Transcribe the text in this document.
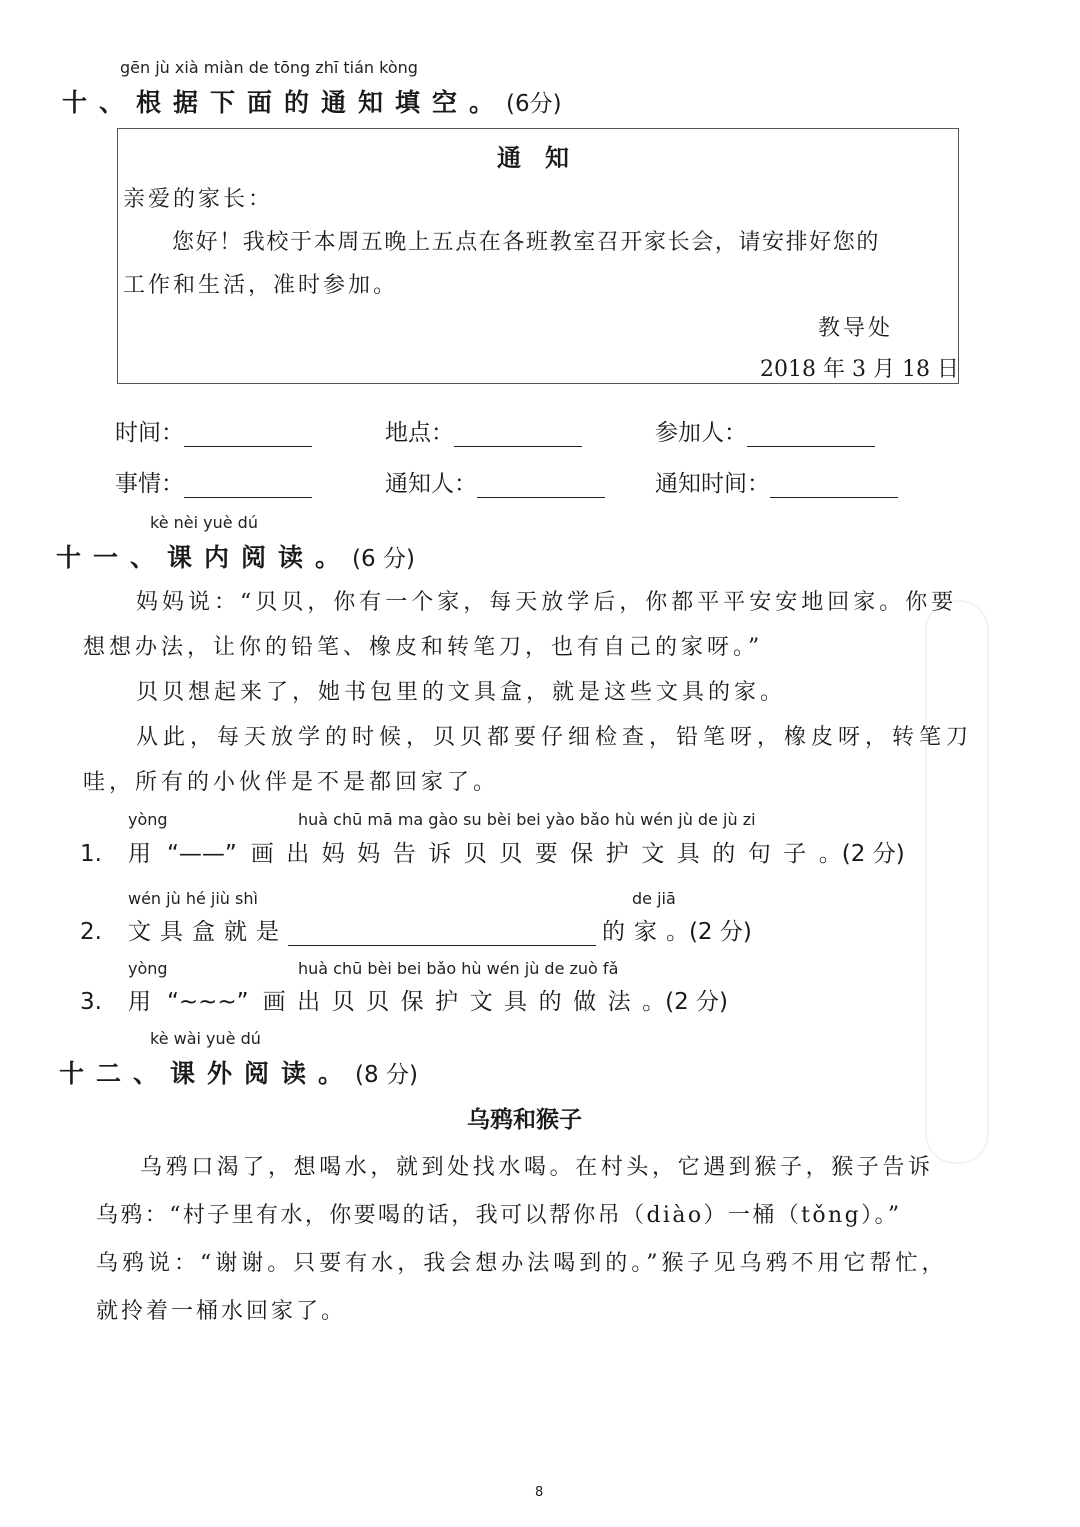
gēn jù xià miàn de tōng zhī tián kòng
十、根据下面的通知填空。(6分)
通　知
亲爱的家长：
您好！我校于本周五晚上五点在各班教室召开家长会，请安排好您的
工作和生活，准时参加。
教导处
2018 年 3 月 18 日
时间：	地点：	参加人：
事情：	通知人：	通知时间：
kè nèi yuè dú
十一、课内阅读。(6 分)
妈妈说：“贝贝，你有一个家，每天放学后，你都平平安安地回家。你要
想想办法，让你的铅笔、橡皮和转笔刀，也有自己的家呀。”
贝贝想起来了，她书包里的文具盒，就是这些文具的家。
从此，每天放学的时候，贝贝都要仔细检查，铅笔呀，橡皮呀，转笔刀
哇，所有的小伙伴是不是都回家了。
yòng	huà chū mā ma gào su bèi bei yào bǎo hù wén jù de jù zi
1. 用 “——” 画出妈妈告诉贝贝要保护文具的句子。(2 分)
wén jù hé jiù shì	de jiā
2. 文具盒就是	的家。(2 分)
yòng	huà chū bèi bei bǎo hù wén jù de zuò fǎ
3. 用 “~~~” 画出贝贝保护文具的做法。(2 分)
kè wài yuè dú
十二、课外阅读。(8 分)
乌鸦和猴子
乌鸦口渴了，想喝水，就到处找水喝。在村头，它遇到猴子，猴子告诉
乌鸦：“村子里有水，你要喝的话，我可以帮你吊（diào）一桶（tǒng）。”
乌鸦说：“谢谢。只要有水，我会想办法喝到的。”猴子见乌鸦不用它帮忙，
就拎着一桶水回家了。
8
